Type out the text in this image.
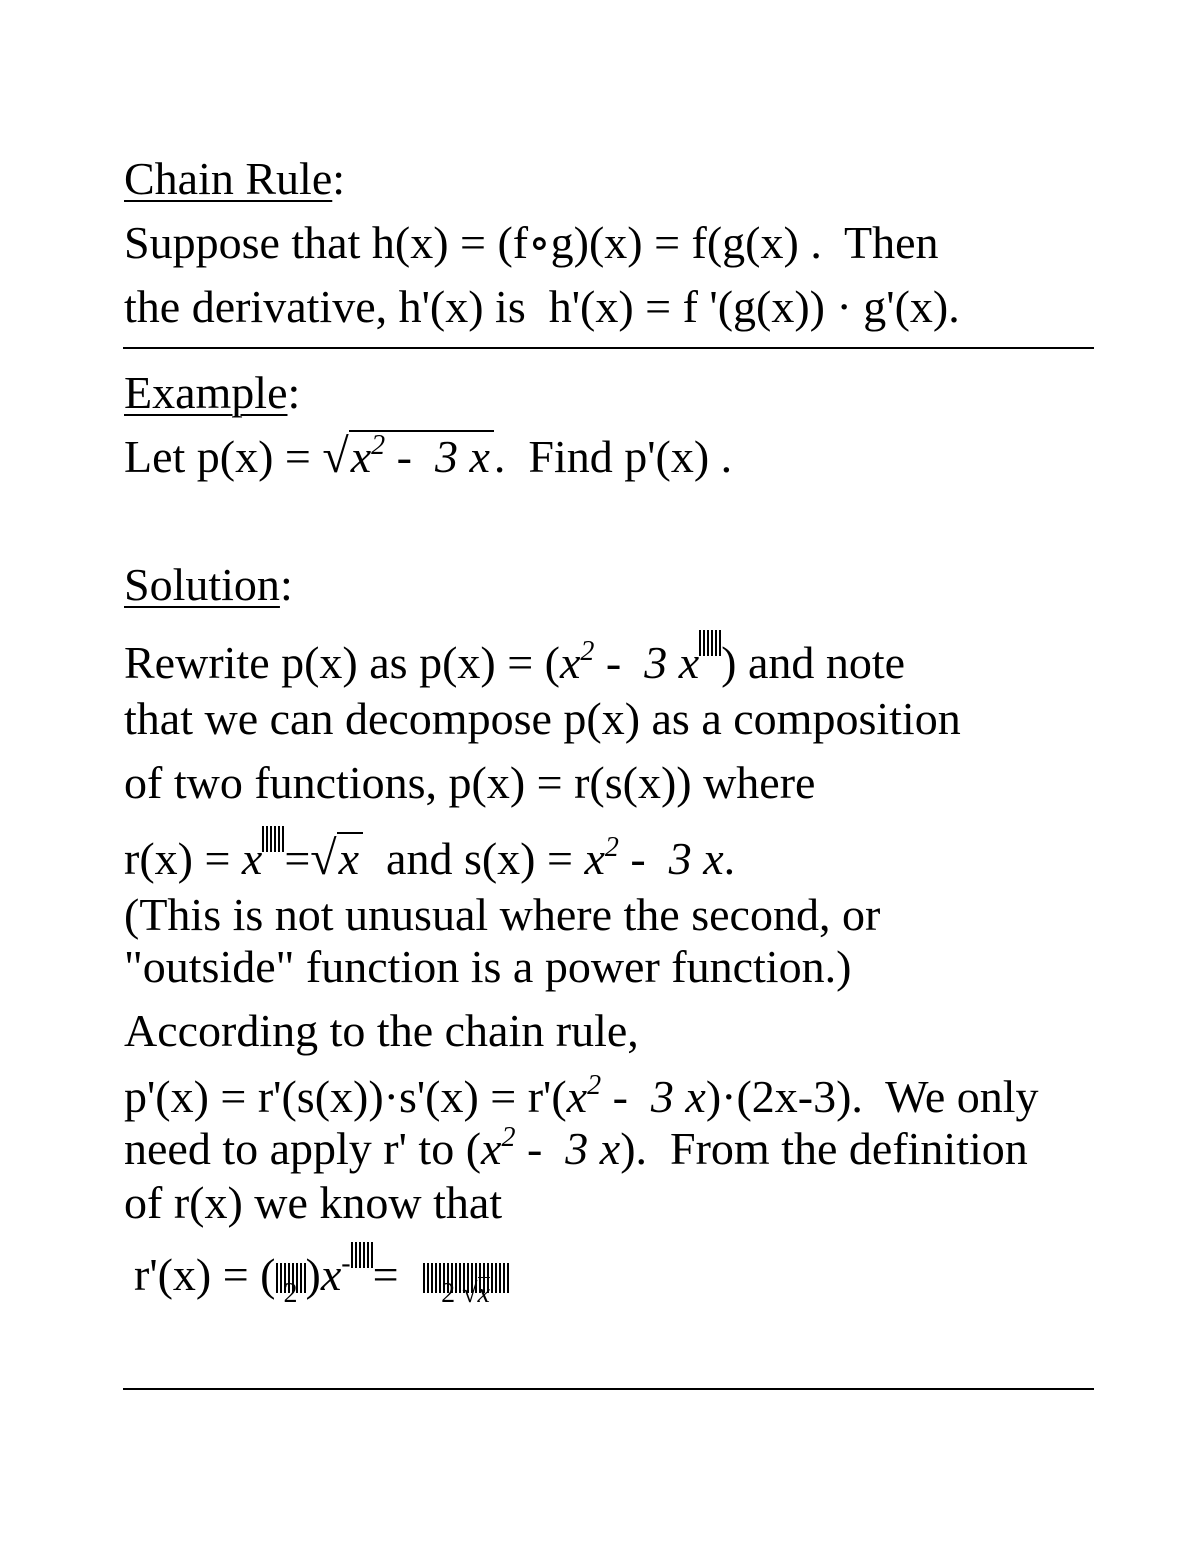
Chain Rule:
Suppose that h(x) = (f∘g)(x) = f(g(x) .  Then
the derivative, h'(x) is  h'(x) = f '(g(x)) · g'(x).
Example:
Let $p(x) = √x^2 - 3$ x.  Find p'(x) .
Solution:
Rewrite p(x) as $p(x) = (x^2 - 3$ x ) and note
that we can decompose p(x) as a composition
of two functions, p(x) = r(s(x)) where
r(x) = x =√x  and $s(x) = x^2 - 3$ x.
(This is not unusual where the second, or
"outside" function is a power function.)
According to the chain rule,
$p'(x) = r'(s(x))\cdot s'(x) = r'(x^2 - 3$ x)·(2x-3).  We only
need to apply r' to ($x^2 - 3$ x).  From the definition
of r(x) we know that
r'(x) = ( 2 )x- =	2 √x
